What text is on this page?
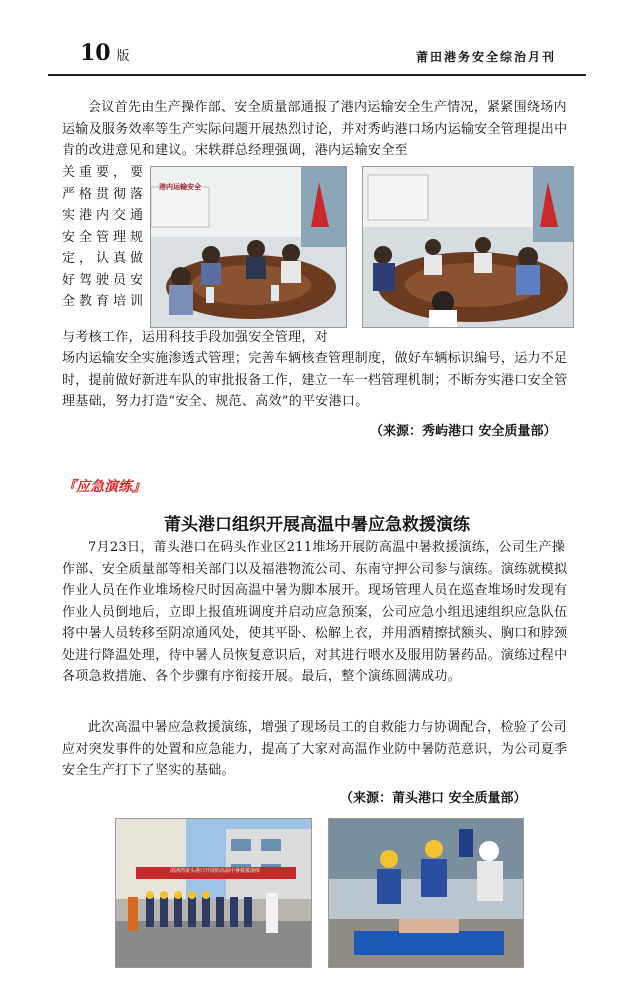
10 版	莆田港务安全综治月刊
会议首先由生产操作部、安全质量部通报了港内运输安全生产情况，紧紧围绕场内运输及服务效率等生产实际问题开展热烈讨论，并对秀屿港口场内运输安全管理提出中肯的改进意见和建议。宋轶群总经理强调，港内运输安全至
关重要，要严格贯彻落实港内交通安全管理规定，认真做好驾驶员安全教育培训
港内运输安全
与考核工作，运用科技手段加强安全管理，对
场内运输安全实施渗透式管理；完善车辆核查管理制度，做好车辆标识编号，运力不足时，提前做好新进车队的审批报备工作，建立一车一档管理机制；不断夯实港口安全管理基础，努力打造“安全、规范、高效”的平安港口。
（来源：秀屿港口 安全质量部）
『应急演练』
莆头港口组织开展高温中暑应急救援演练
7月23日，莆头港口在码头作业区211堆场开展防高温中暑救援演练，公司生产操作部、安全质量部等相关部门以及福港物流公司、东南守押公司参与演练。演练就模拟作业人员在作业堆场检尺时因高温中暑为脚本展开。现场管理人员在巡查堆场时发现有作业人员倒地后，立即上报值班调度并启动应急预案，公司应急小组迅速组织应急队伍将中暑人员转移至阴凉通风处，使其平卧、松解上衣，并用酒精擦拭额头、胸口和脖颈处进行降温处理，待中暑人员恢复意识后，对其进行喂水及服用防暑药品。演练过程中各项急救措施、各个步骤有序衔接开展。最后，整个演练圆满成功。
此次高温中暑应急救援演练，增强了现场员工的自救能力与协调配合，检验了公司应对突发事件的处置和应急能力，提高了大家对高温作业防中暑防范意识，为公司夏季安全生产打下了坚实的基础。
（来源：莆头港口 安全质量部）
湄洲湾莆头港口开展防高温中暑救援演练
